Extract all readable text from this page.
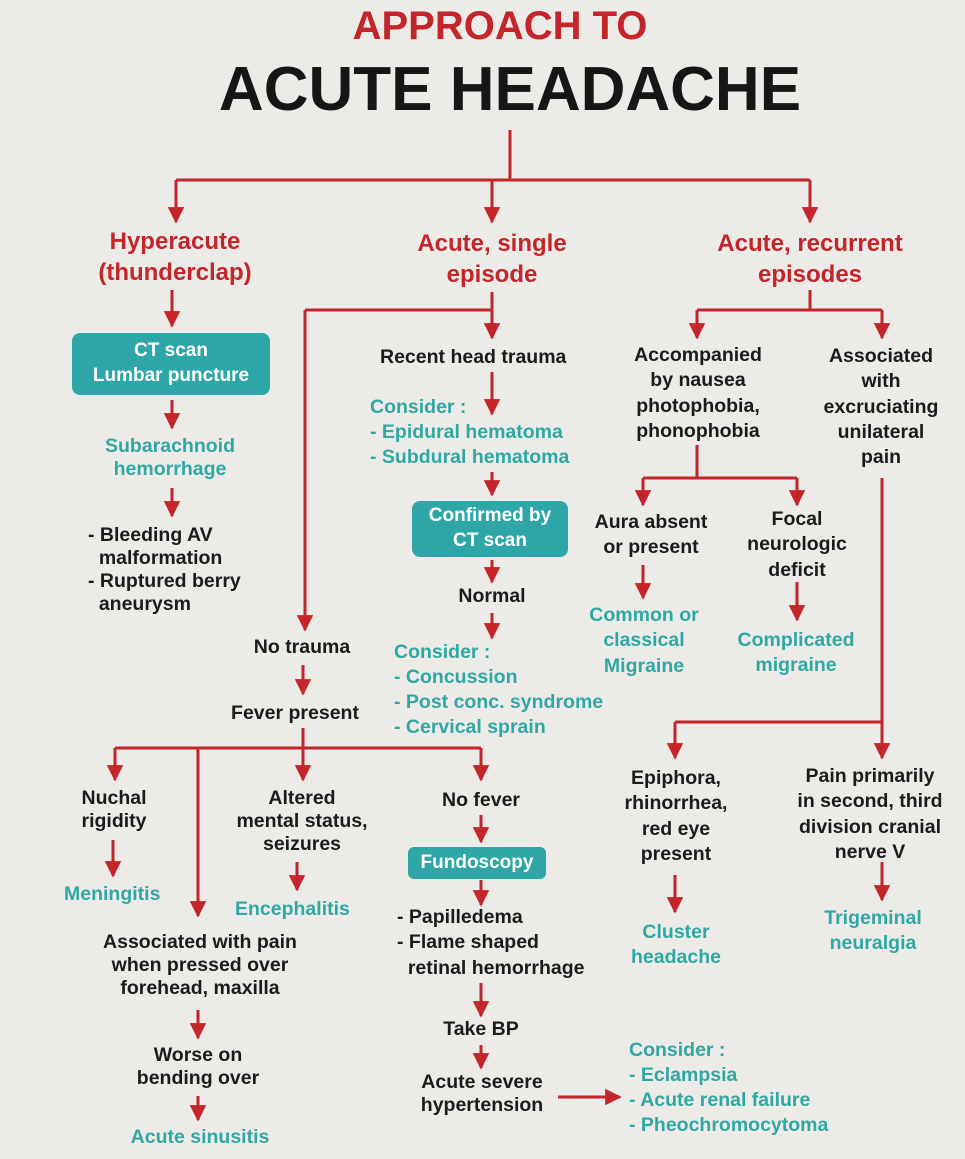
APPROACH TO
ACUTE HEADACHE
Hyperacute
(thunderclap)
Acute, single
episode
Acute, recurrent
episodes
CT scan
Lumbar puncture
Subarachnoid
hemorrhage
- Bleeding AV
malformation
- Ruptured berry
aneurysm
Recent head trauma
Consider :
- Epidural hematoma
- Subdural hematoma
Confirmed by
CT scan
Normal
Consider :
- Concussion
- Post conc. syndrome
- Cervical sprain
No trauma
Fever present
Nuchal
rigidity
Meningitis
Altered
mental status,
seizures
Encephalitis
Associated with pain
when pressed over
forehead, maxilla
Worse on
bending over
Acute sinusitis
No fever
Fundoscopy
- Papilledema
- Flame shaped
retinal hemorrhage
Take BP
Acute severe
hypertension
Consider :
- Eclampsia
- Acute renal failure
- Pheochromocytoma
Accompanied
by nausea
photophobia,
phonophobia
Associated
with
excruciating
unilateral
pain
Aura absent
or present
Focal
neurologic
deficit
Common or
classical
Migraine
Complicated
migraine
Epiphora,
rhinorrhea,
red eye
present
Cluster
headache
Pain primarily
in second, third
division cranial
nerve V
Trigeminal
neuralgia
